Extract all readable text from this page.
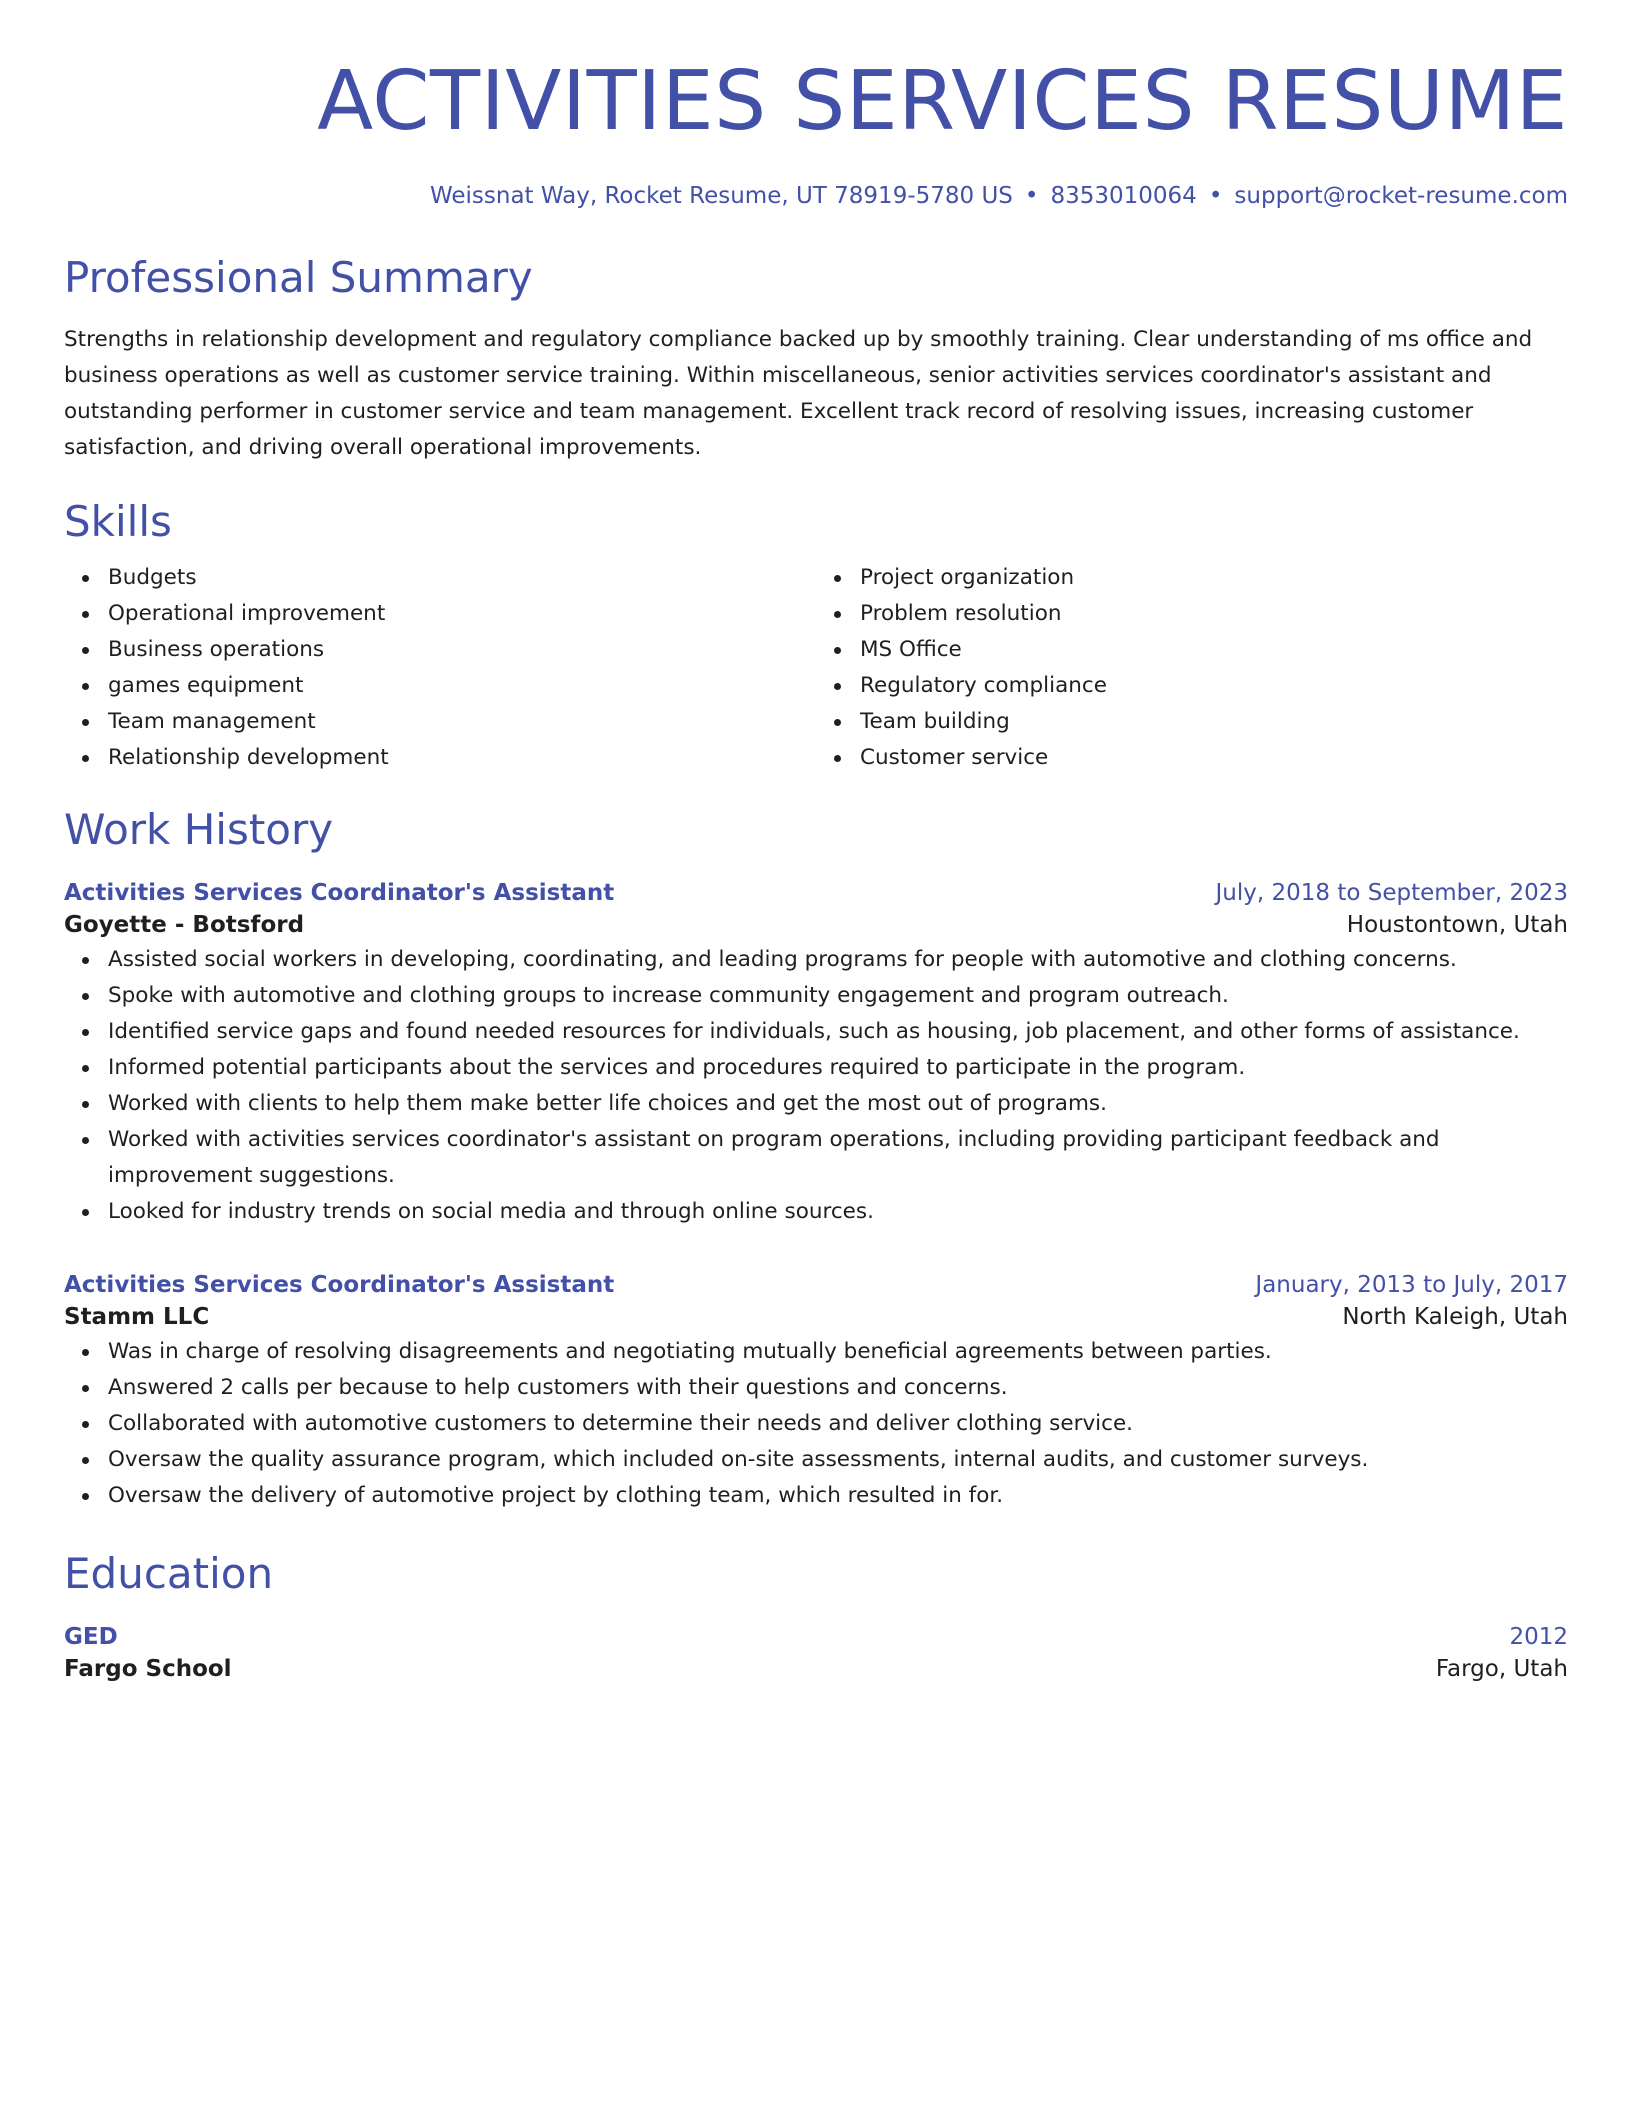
ACTIVITIES SERVICES RESUME
Weissnat Way, Rocket Resume, UT 78919-5780 US • 8353010064 • support@rocket-resume.com
Professional Summary

Strengths in relationship development and regulatory compliance backed up by smoothly training. Clear understanding of ms office and business operations as well as customer service training. Within miscellaneous, senior activities services coordinator's assistant and outstanding performer in customer service and team management. Excellent track record of resolving issues, increasing customer satisfaction, and driving overall operational improvements.

Skills
Budgets
Operational improvement
Business operations
games equipment
Team management
Relationship development
Project organization
Problem resolution
MS Office
Regulatory compliance
Team building
Customer service
Work History
Activities Services Coordinator's Assistant	July, 2018 to September, 2023
Goyette - Botsford	Houstontown, Utah
Assisted social workers in developing, coordinating, and leading programs for people with automotive and clothing concerns.
Spoke with automotive and clothing groups to increase community engagement and program outreach.
Identified service gaps and found needed resources for individuals, such as housing, job placement, and other forms of assistance.
Informed potential participants about the services and procedures required to participate in the program.
Worked with clients to help them make better life choices and get the most out of programs.
Worked with activities services coordinator's assistant on program operations, including providing participant feedback and improvement suggestions.
Looked for industry trends on social media and through online sources.
Activities Services Coordinator's Assistant	January, 2013 to July, 2017
Stamm LLC	North Kaleigh, Utah
Was in charge of resolving disagreements and negotiating mutually beneficial agreements between parties.
Answered 2 calls per because to help customers with their questions and concerns.
Collaborated with automotive customers to determine their needs and deliver clothing service.
Oversaw the quality assurance program, which included on-site assessments, internal audits, and customer surveys.
Oversaw the delivery of automotive project by clothing team, which resulted in for.
Education
GED	2012
Fargo School	Fargo, Utah
